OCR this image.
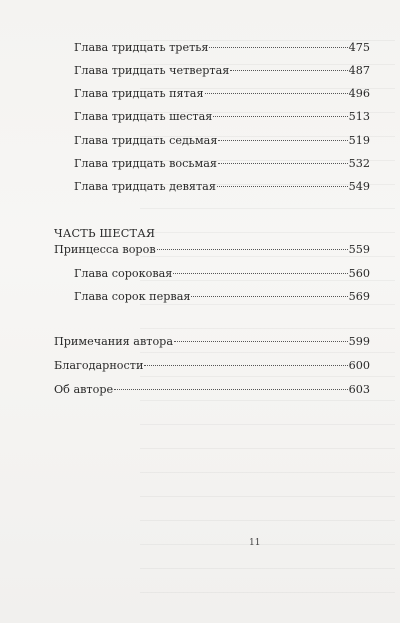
Глава тридцать третья	475
Глава тридцать четвертая	487
Глава тридцать пятая	496
Глава тридцать шестая	513
Глава тридцать седьмая	519
Глава тридцать восьмая	532
Глава тридцать девятая	549
ЧАСТЬ ШЕСТАЯ
Принцесса воров	559
Глава сороковая	560
Глава сорок первая	569
Примечания автора	599
Благодарности	600
Об авторе	603
11
